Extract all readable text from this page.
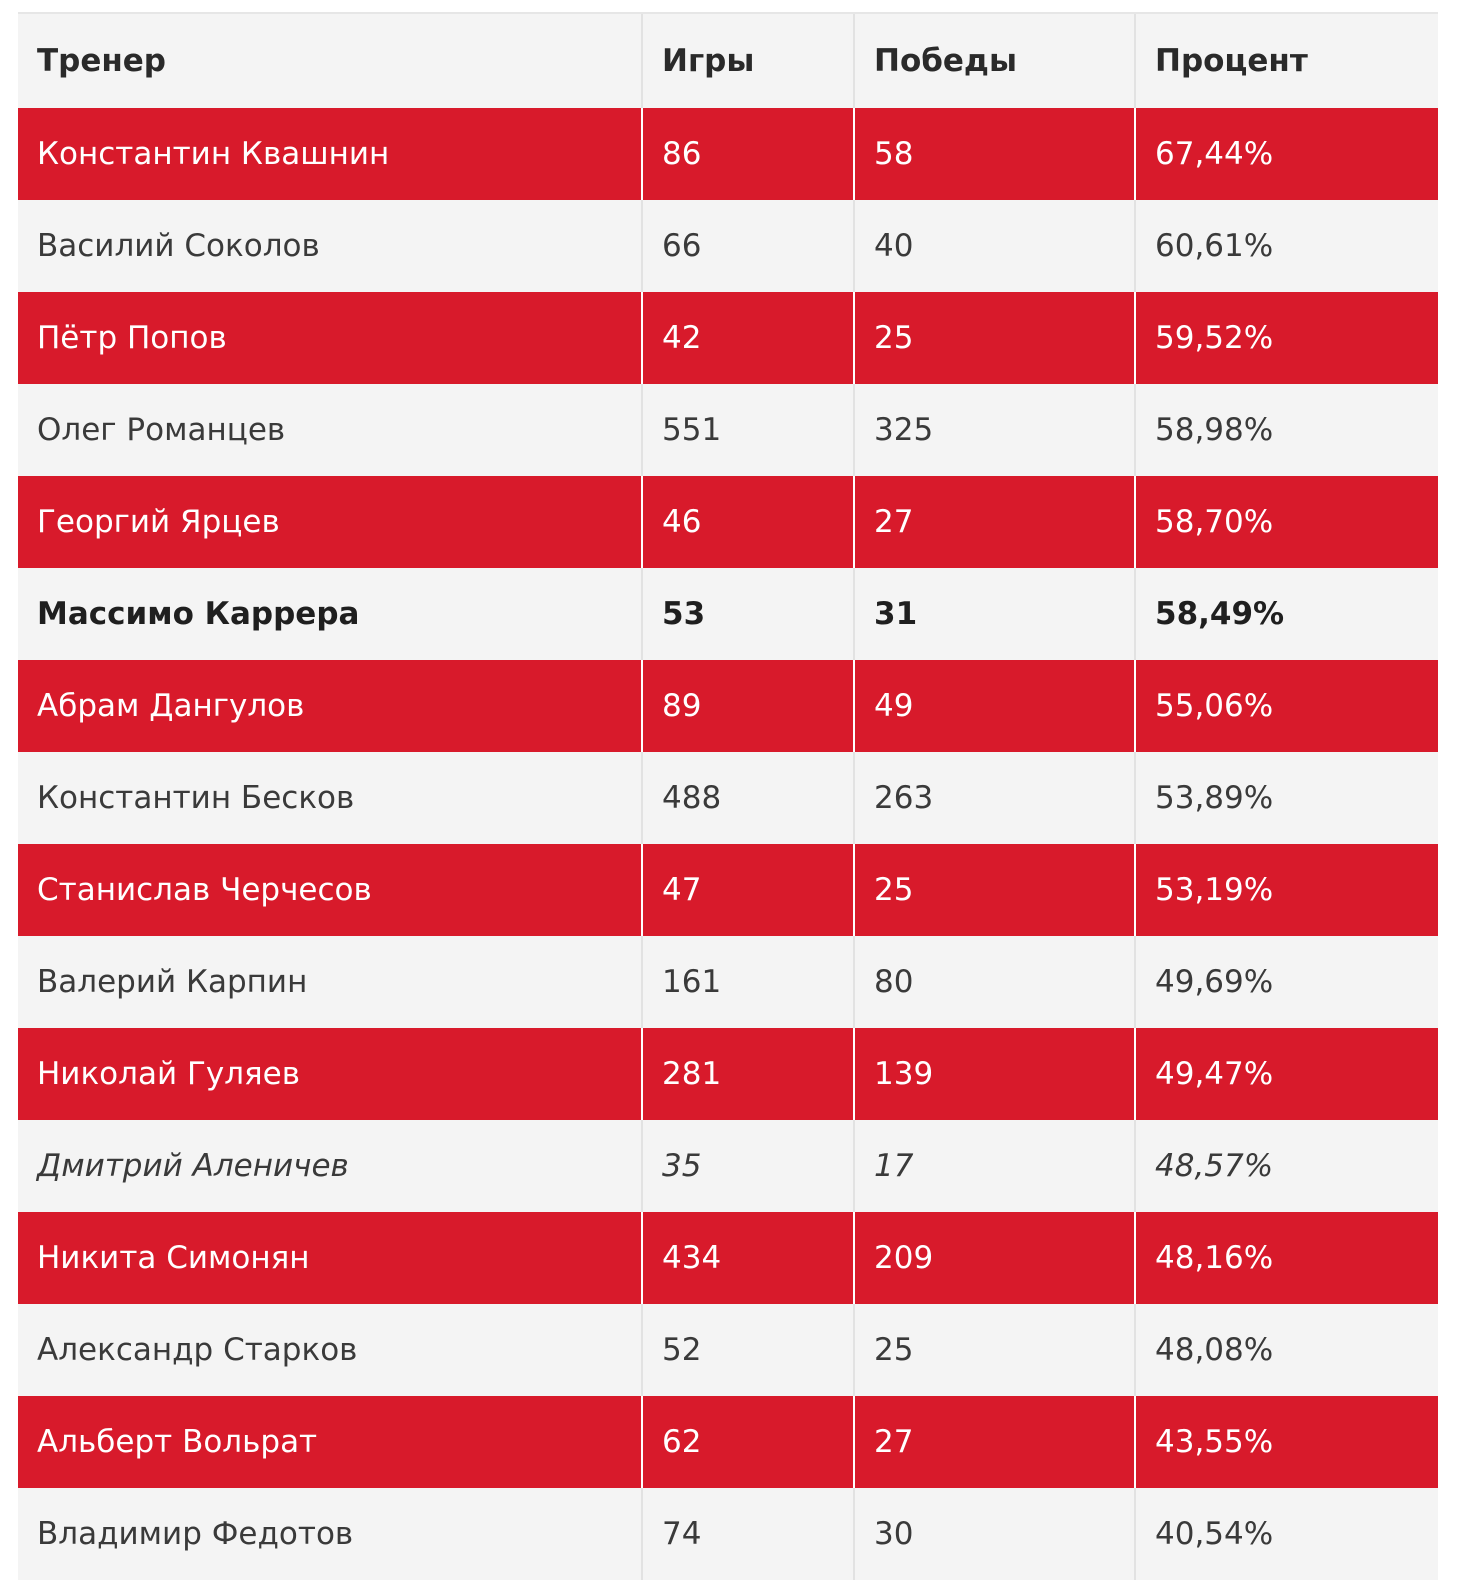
Тренер	Игры	Победы	Процент
Константин Квашнин	86	58	67,44%
Василий Соколов	66	40	60,61%
Пётр Попов	42	25	59,52%
Олег Романцев	551	325	58,98%
Георгий Ярцев	46	27	58,70%
Массимо Каррера	53	31	58,49%
Абрам Дангулов	89	49	55,06%
Константин Бесков	488	263	53,89%
Станислав Черчесов	47	25	53,19%
Валерий Карпин	161	80	49,69%
Николай Гуляев	281	139	49,47%
Дмитрий Аленичев	35	17	48,57%
Никита Симонян	434	209	48,16%
Александр Старков	52	25	48,08%
Альберт Вольрат	62	27	43,55%
Владимир Федотов	74	30	40,54%
